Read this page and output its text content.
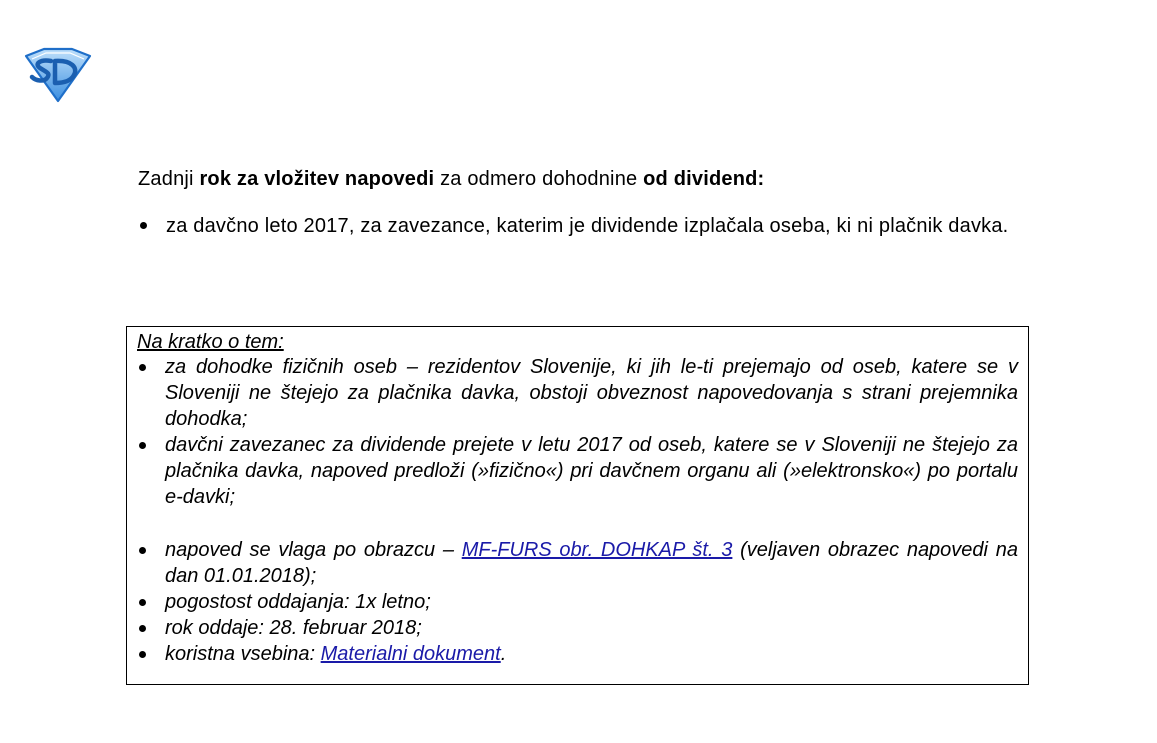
Zadnji rok za vložitev napovedi za odmero dohodnine od dividend:

za davčno leto 2017, za zavezance, katerim je dividende izplačala oseba, ki ni plačnik davka.

Na kratko o tem:

za dohodke fizičnih oseb – rezidentov Slovenije, ki jih le-ti prejemajo od oseb, katere se v Sloveniji ne štejejo za plačnika davka, obstoji obveznost napovedovanja s strani prejemnika dohodka;
davčni zavezanec za dividende prejete v letu 2017 od oseb, katere se v Sloveniji ne štejejo za plačnika davka, napoved predloži (»fizično«) pri davčnem organu ali (»elektronsko«) po portalu e-davki;
napoved se vlaga po obrazcu – MF-FURS obr. DOHKAP št. 3 (veljaven obrazec napovedi na dan 01.01.2018);
pogostost oddajanja: 1x letno;
rok oddaje: 28. februar 2018;
koristna vsebina: Materialni dokument.
